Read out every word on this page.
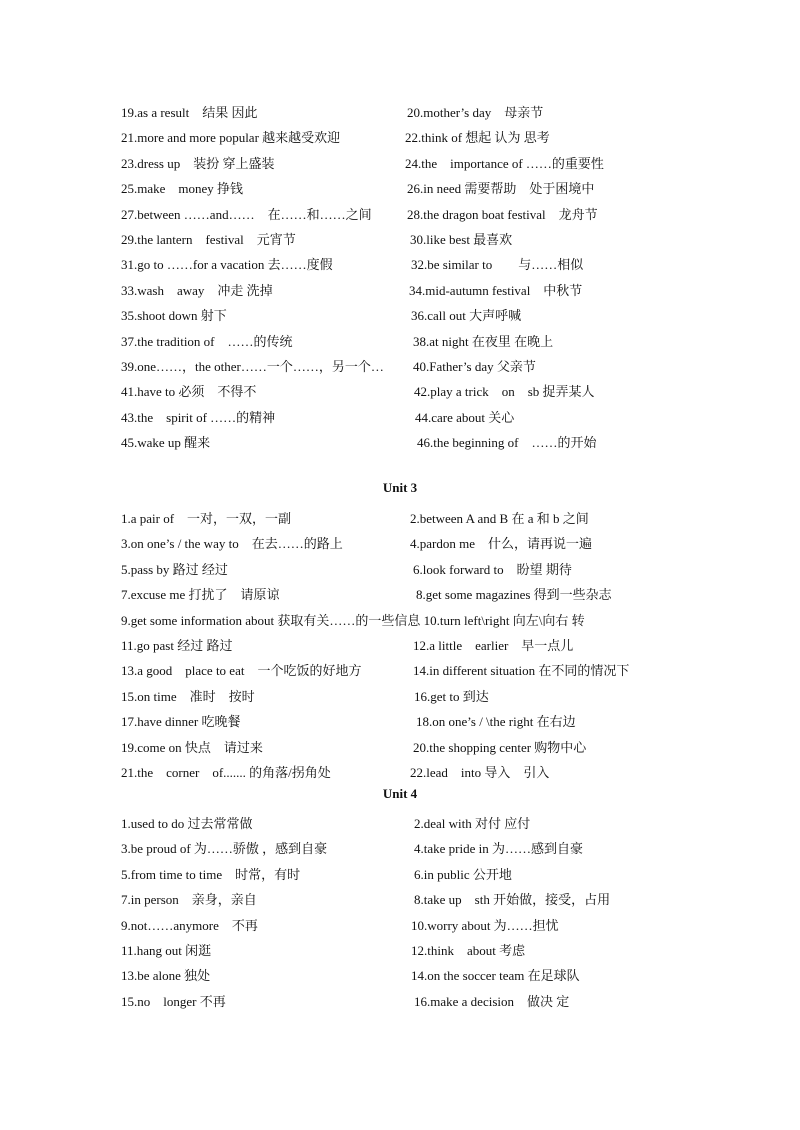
19.as a result　结果 因此	20.mother’s day　母亲节
21.more and more popular 越来越受欢迎	22.think of 想起 认为 思考
23.dress up　装扮 穿上盛装	24.the　importance of ……的重要性
25.make　money 挣钱	26.in need 需要帮助　处于困境中
27.between ……and……　在……和……之间	28.the dragon boat festival　龙舟节
29.the lantern　festival　元宵节	30.like best 最喜欢
31.go to ……for a vacation 去……度假	32.be similar to　　与……相似
33.wash　away　冲走 洗掉	34.mid-autumn festival　中秋节
35.shoot down 射下	36.call out 大声呼喊
37.the tradition of　……的传统	38.at night 在夜里 在晚上
39.one……，the other……一个……，另一个… 40.Father’s day 父亲节
41.have to 必须　不得不	42.play a trick　on　sb 捉弄某人
43.the　spirit of ……的精神	44.care about 关心
45.wake up 醒来	46.the beginning of　……的开始
Unit 3
1.a pair of　一对，一双，一副	2.between A and B 在 a 和 b 之间
3.on one’s / the way to　在去……的路上	4.pardon me　什么，请再说一遍
5.pass by 路过 经过	6.look forward to　盼望 期待
7.excuse me 打扰了　请原谅	8.get some magazines 得到一些杂志
9.get some information about 获取有关……的一些信息 10.turn left\right 向左\向右 转
11.go past 经过 路过	12.a little　earlier　早一点儿
13.a good　place to eat　一个吃饭的好地方	14.in different situation 在不同的情况下
15.on time　准时　按时	16.get to 到达
17.have dinner 吃晚餐	18.on one’s / \the right 在右边
19.come on 快点　请过来	20.the shopping center 购物中心
21.the　corner　of....... 的角落/拐角处	22.lead　into 导入　引入
Unit 4
1.used to do 过去常常做	2.deal with 对付 应付
3.be proud of 为……骄傲 ，感到自豪	4.take pride in 为……感到自豪
5.from time to time　时常，有时	6.in public 公开地
7.in person　亲身，亲自	8.take up　sth 开始做，接受，占用
9.not……anymore　不再	10.worry about 为……担忧
11.hang out 闲逛	12.think　about 考虑
13.be alone 独处	14.on the soccer team 在足球队
15.no　longer 不再	16.make a decision　做决 定
